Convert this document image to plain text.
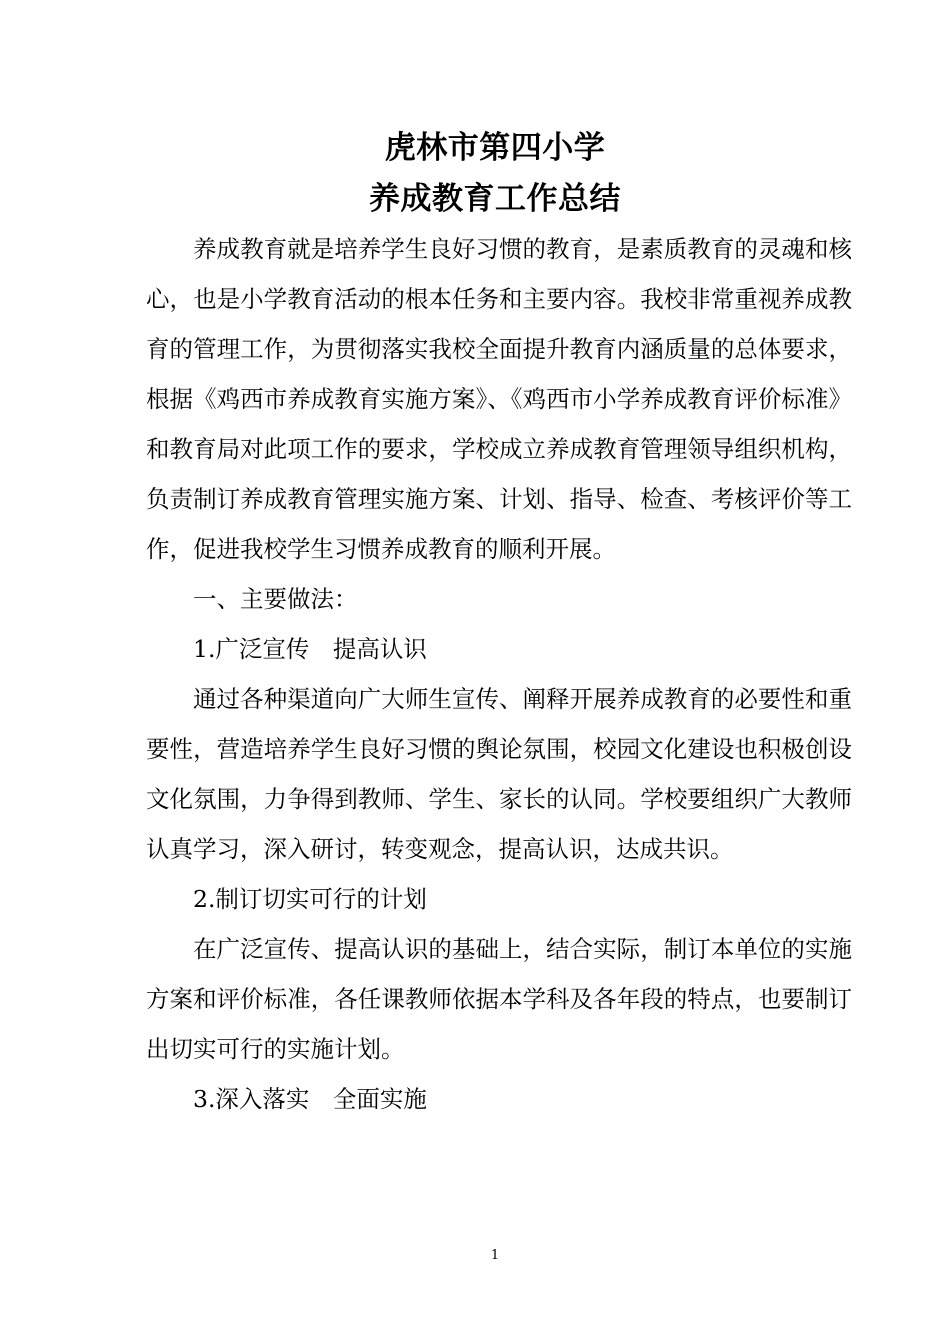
虎林市第四小学
养成教育工作总结

养成教育就是培养学生良好习惯的教育，是素质教育的灵魂和核心，也是小学教育活动的根本任务和主要内容。我校非常重视养成教育的管理工作，为贯彻落实我校全面提升教育内涵质量的总体要求，根据《鸡西市养成教育实施方案》、《鸡西市小学养成教育评价标准》和教育局对此项工作的要求，学校成立养成教育管理领导组织机构，负责制订养成教育管理实施方案、计划、指导、检查、考核评价等工作，促进我校学生习惯养成教育的顺利开展。

一、主要做法：

1.广泛宣传　提高认识

通过各种渠道向广大师生宣传、阐释开展养成教育的必要性和重要性，营造培养学生良好习惯的舆论氛围，校园文化建设也积极创设文化氛围，力争得到教师、学生、家长的认同。学校要组织广大教师认真学习，深入研讨，转变观念，提高认识，达成共识。

2.制订切实可行的计划

在广泛宣传、提高认识的基础上，结合实际，制订本单位的实施方案和评价标准，各任课教师依据本学科及各年段的特点，也要制订出切实可行的实施计划。

3.深入落实　全面实施

1
